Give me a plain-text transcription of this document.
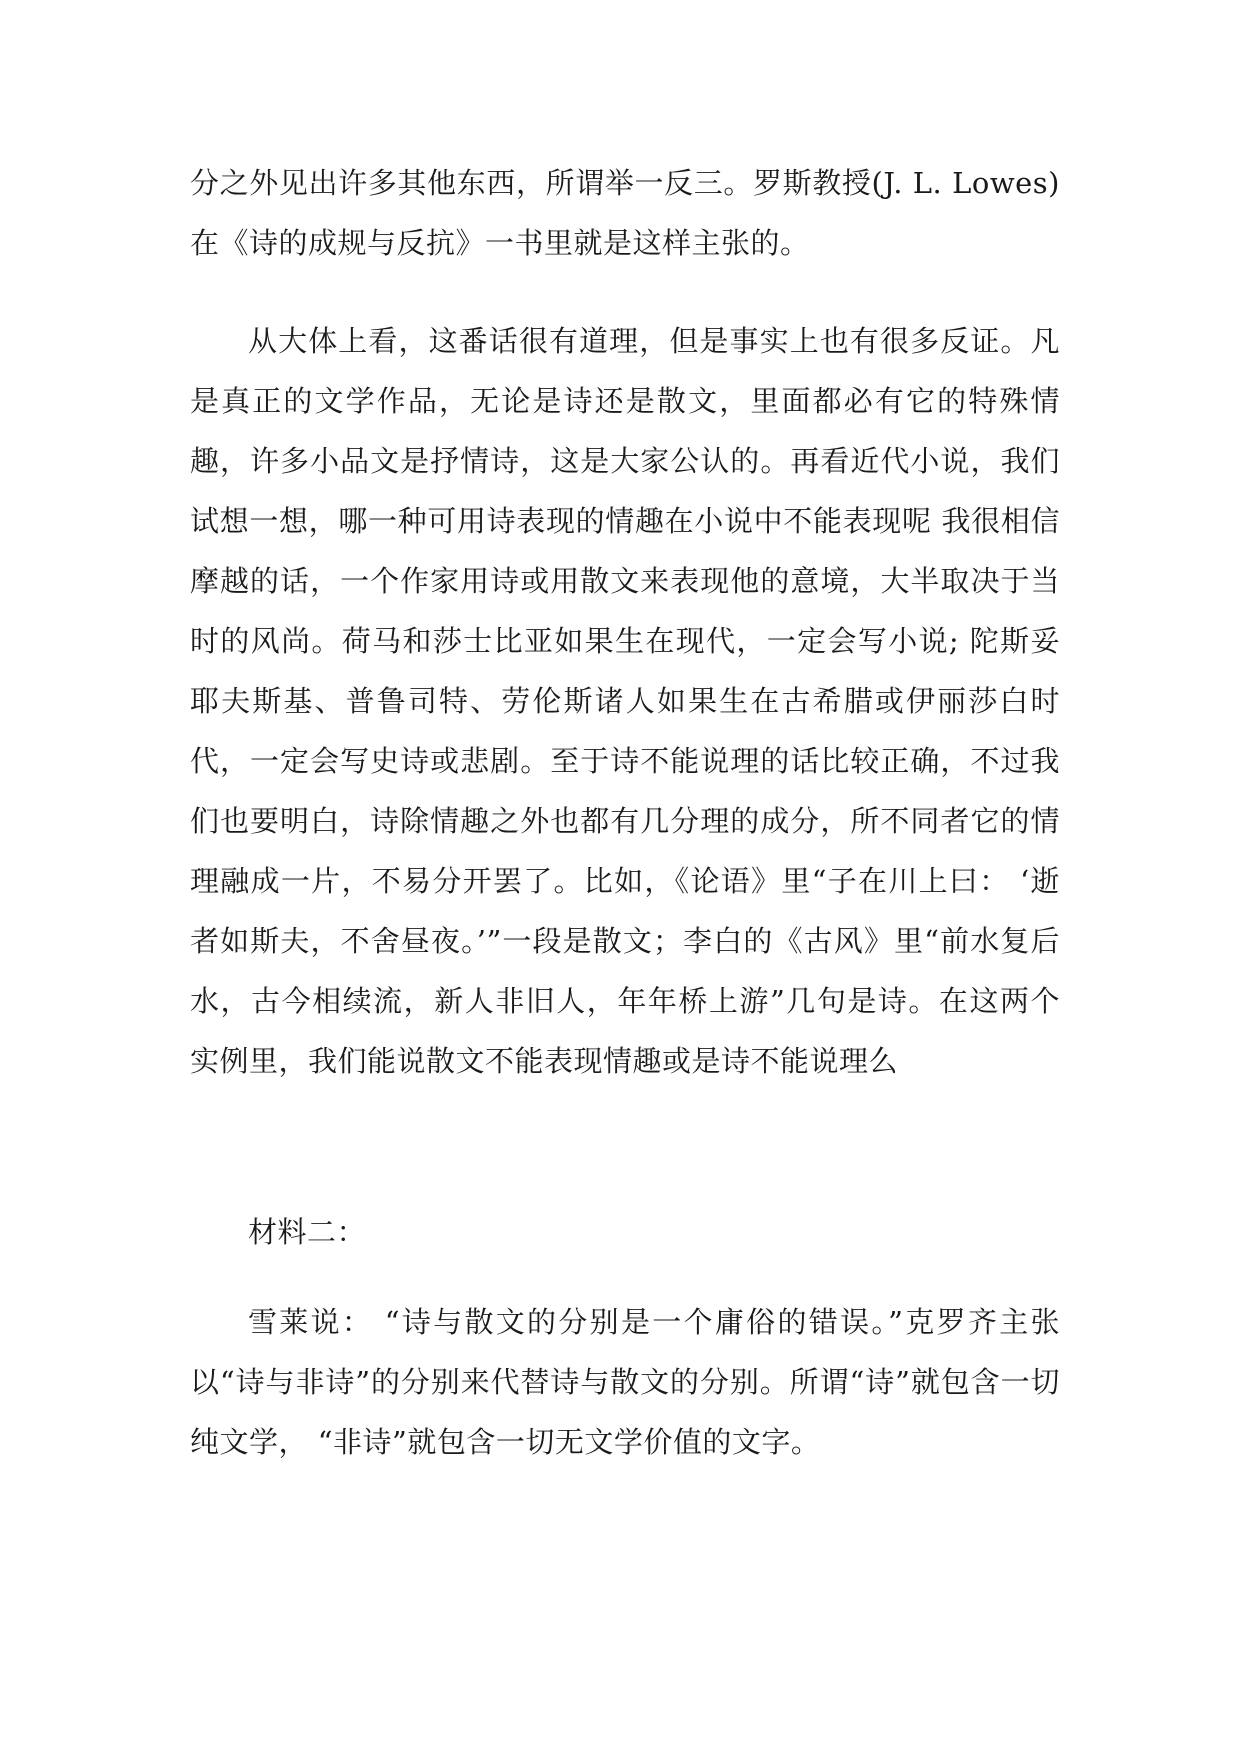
分之外见出许多其他东西，所谓举一反三。罗斯教授(J. L. Lowes)在《诗的成规与反抗》一书里就是这样主张的。

从大体上看，这番话很有道理，但是事实上也有很多反证。凡是真正的文学作品，无论是诗还是散文，里面都必有它的特殊情趣，许多小品文是抒情诗，这是大家公认的。再看近代小说，我们试想一想，哪一种可用诗表现的情趣在小说中不能表现呢 我很相信摩越的话，一个作家用诗或用散文来表现他的意境，大半取决于当时的风尚。荷马和莎士比亚如果生在现代，一定会写小说; 陀斯妥耶夫斯基、普鲁司特、劳伦斯诸人如果生在古希腊或伊丽莎白时代，一定会写史诗或悲剧。至于诗不能说理的话比较正确，不过我们也要明白，诗除情趣之外也都有几分理的成分，所不同者它的情理融成一片，不易分开罢了。比如，《论语》里“子在川上曰： ‘逝者如斯夫，不舍昼夜。’”一段是散文；李白的《古风》里“前水复后水，古今相续流，新人非旧人，年年桥上游”几句是诗。在这两个实例里，我们能说散文不能表现情趣或是诗不能说理么

材料二：

雪莱说： “诗与散文的分别是一个庸俗的错误。”克罗齐主张以“诗与非诗”的分别来代替诗与散文的分别。所谓“诗”就包含一切纯文学， “非诗”就包含一切无文学价值的文字。
